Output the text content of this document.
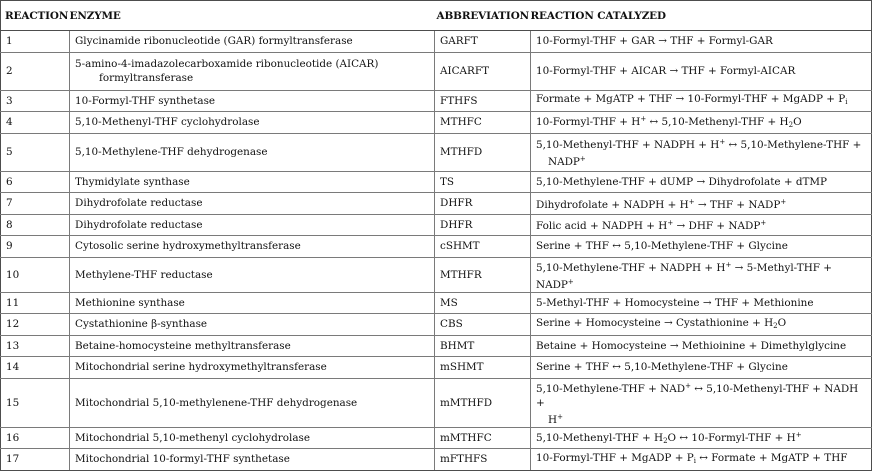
REACTION	ENZYME	ABBREVIATION	REACTION CATALYZED
1	Glycinamide ribonucleotide (GAR) formyltransferase	GARFT	10-Formyl-THF + GAR → THF + Formyl-GAR
2	5-amino-4-imadazolecarboxamide ribonucleotide (AICAR)
formyltransferase	AICARFT	10-Formyl-THF + AICAR → THF + Formyl-AICAR
3	10-Formyl-THF synthetase	FTHFS	Formate + MgATP + THF → 10-Formyl-THF + MgADP + $P_i$
4	5,10-Methenyl-THF cyclohydrolase	MTHFC	10-Formyl-THF + H+ ↔ 5,10-Methenyl-THF + $H_2O$
5	5,10-Methylene-THF dehydrogenase	MTHFD	5,10-Methenyl-THF + NADPH + H+ ↔ 5,10-Methylene-THF +
NADP+

6	Thymidylate synthase	TS	5,10-Methylene-THF + dUMP → Dihydrofolate + dTMP
7	Dihydrofolate reductase	DHFR	Dihydrofolate + NADPH + H+ → THF + NADP+
8	Dihydrofolate reductase	DHFR	Folic acid + NADPH + H+ → DHF + NADP+
9	Cytosolic serine hydroxymethyltransferase	cSHMT	Serine + THF ↔ 5,10-Methylene-THF + Glycine
10	Methylene-THF reductase	MTHFR	5,10-Methylene-THF + NADPH + H+ → 5-Methyl-THF + NADP+
11	Methionine synthase	MS	5-Methyl-THF + Homocysteine → THF + Methionine
12	Cystathionine β-synthase	CBS	Serine + Homocysteine → Cystathionine + $H_2O$
13	Betaine-homocysteine methyltransferase	BHMT	Betaine + Homocysteine → Methioinine + Dimethylglycine
14	Mitochondrial serine hydroxymethyltransferase	mSHMT	Serine + THF ↔ 5,10-Methylene-THF + Glycine
15	Mitochondrial 5,10-methylenene-THF dehydrogenase	mMTHFD	5,10-Methylene-THF + NAD+ ↔ 5,10-Methenyl-THF + NADH +
H+

16	Mitochondrial 5,10-methenyl cyclohydrolase	mMTHFC	5,10-Methenyl-THF + $H_2O$ ↔ 10-Formyl-THF + H+
17	Mitochondrial 10-formyl-THF synthetase	mFTHFS	10-Formyl-THF + MgADP + $P_i$ ↔ Formate + MgATP + THF
